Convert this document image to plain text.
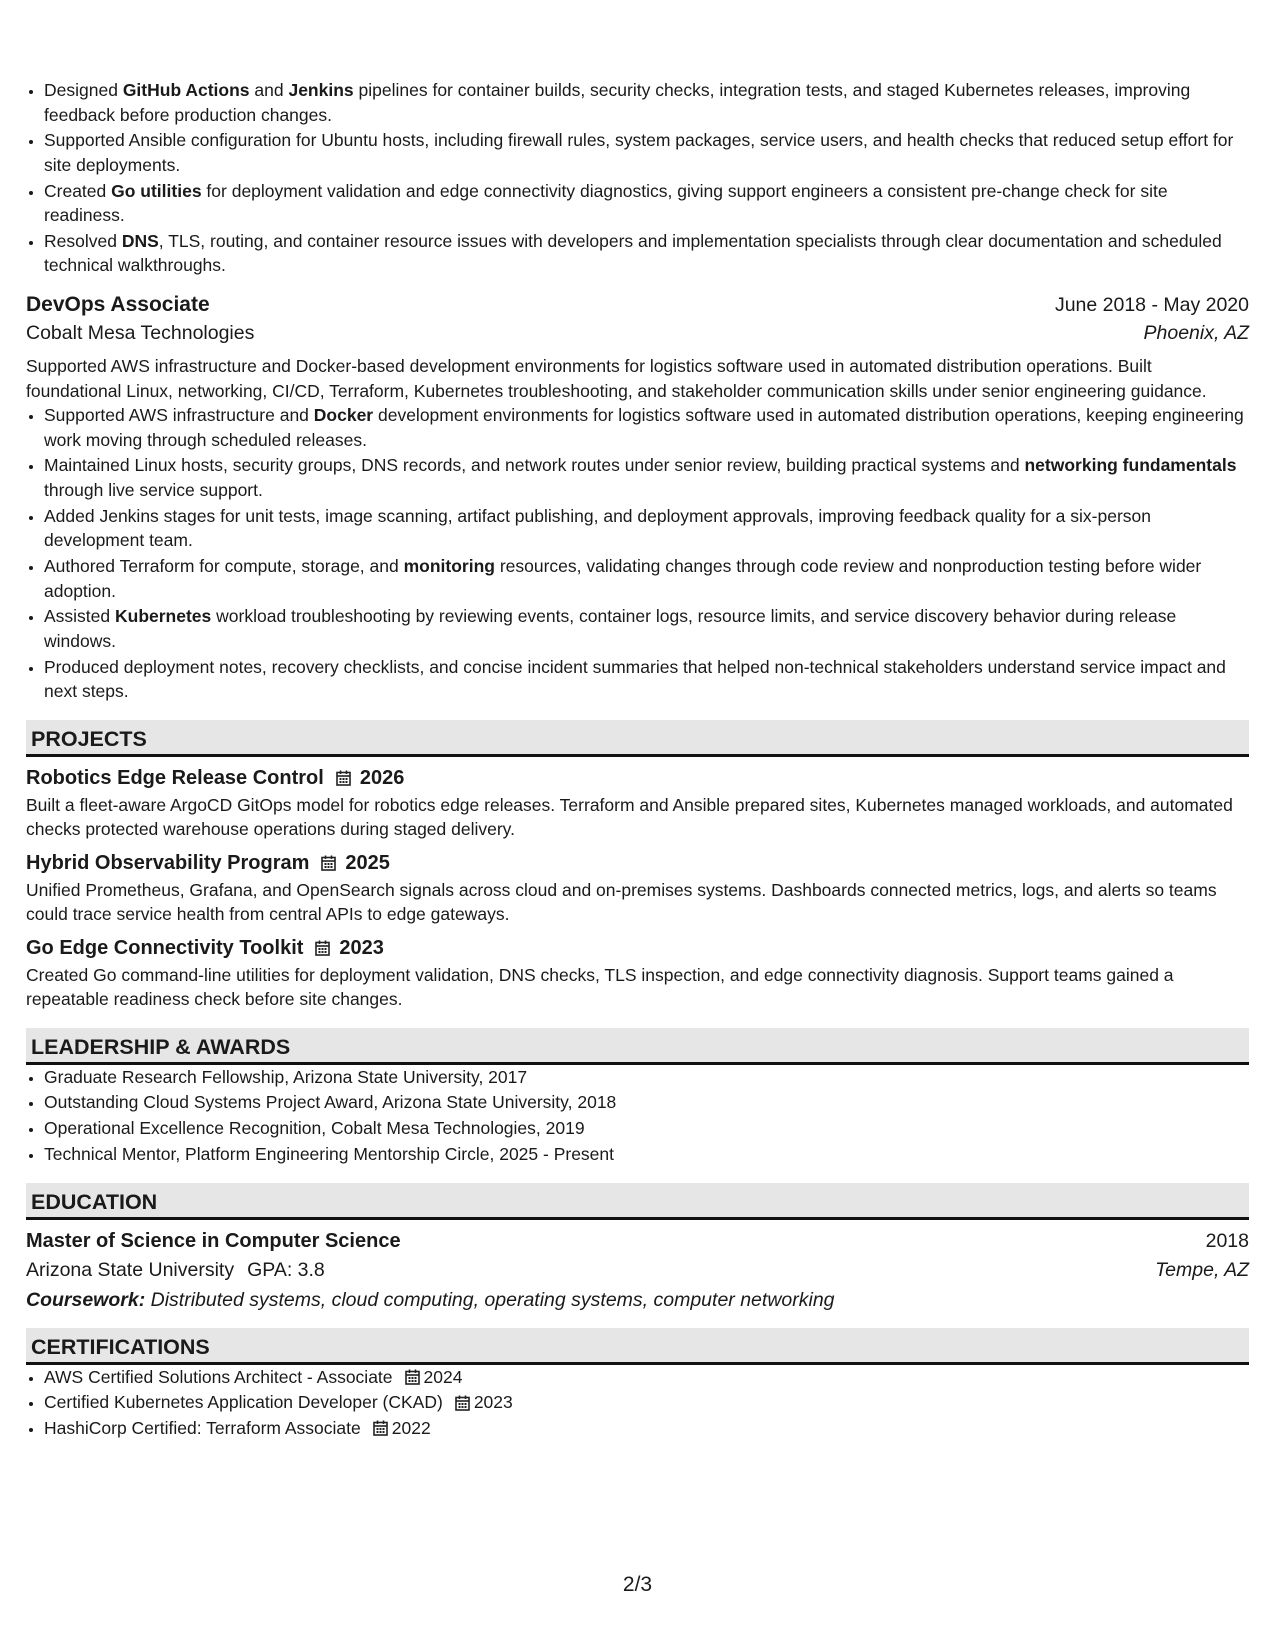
• Designed GitHub Actions and Jenkins pipelines for container builds, security checks, integration tests, and staged Kubernetes releases, improving feedback before production changes.
• Supported Ansible configuration for Ubuntu hosts, including firewall rules, system packages, service users, and health checks that reduced setup effort for site deployments.
• Created Go utilities for deployment validation and edge connectivity diagnostics, giving support engineers a consistent pre-change check for site readiness.
• Resolved DNS, TLS, routing, and container resource issues with developers and implementation specialists through clear documentation and scheduled technical walkthroughs.
DevOps Associate	June 2018 - May 2020
Cobalt Mesa Technologies	Phoenix, AZ
Supported AWS infrastructure and Docker-based development environments for logistics software used in automated distribution operations. Built foundational Linux, networking, CI/CD, Terraform, Kubernetes troubleshooting, and stakeholder communication skills under senior engineering guidance.
• Supported AWS infrastructure and Docker development environments for logistics software used in automated distribution operations, keeping engineering work moving through scheduled releases.
• Maintained Linux hosts, security groups, DNS records, and network routes under senior review, building practical systems and networking fundamentals through live service support.
• Added Jenkins stages for unit tests, image scanning, artifact publishing, and deployment approvals, improving feedback quality for a six-person development team.
• Authored Terraform for compute, storage, and monitoring resources, validating changes through code review and nonproduction testing before wider adoption.
• Assisted Kubernetes workload troubleshooting by reviewing events, container logs, resource limits, and service discovery behavior during release windows.
• Produced deployment notes, recovery checklists, and concise incident summaries that helped non-technical stakeholders understand service impact and next steps.
PROJECTS
Robotics Edge Release Control 2026
Built a fleet-aware ArgoCD GitOps model for robotics edge releases. Terraform and Ansible prepared sites, Kubernetes managed workloads, and automated checks protected warehouse operations during staged delivery.
Hybrid Observability Program 2025
Unified Prometheus, Grafana, and OpenSearch signals across cloud and on-premises systems. Dashboards connected metrics, logs, and alerts so teams could trace service health from central APIs to edge gateways.
Go Edge Connectivity Toolkit 2023
Created Go command-line utilities for deployment validation, DNS checks, TLS inspection, and edge connectivity diagnosis. Support teams gained a repeatable readiness check before site changes.
LEADERSHIP & AWARDS
• Graduate Research Fellowship, Arizona State University, 2017
• Outstanding Cloud Systems Project Award, Arizona State University, 2018
• Operational Excellence Recognition, Cobalt Mesa Technologies, 2019
• Technical Mentor, Platform Engineering Mentorship Circle, 2025 - Present
EDUCATION
Master of Science in Computer Science	2018
Arizona State University GPA: 3.8	Tempe, AZ
Coursework: Distributed systems, cloud computing, operating systems, computer networking
CERTIFICATIONS
• AWS Certified Solutions Architect - Associate 2024
• Certified Kubernetes Application Developer (CKAD) 2023
• HashiCorp Certified: Terraform Associate 2022
2/3
